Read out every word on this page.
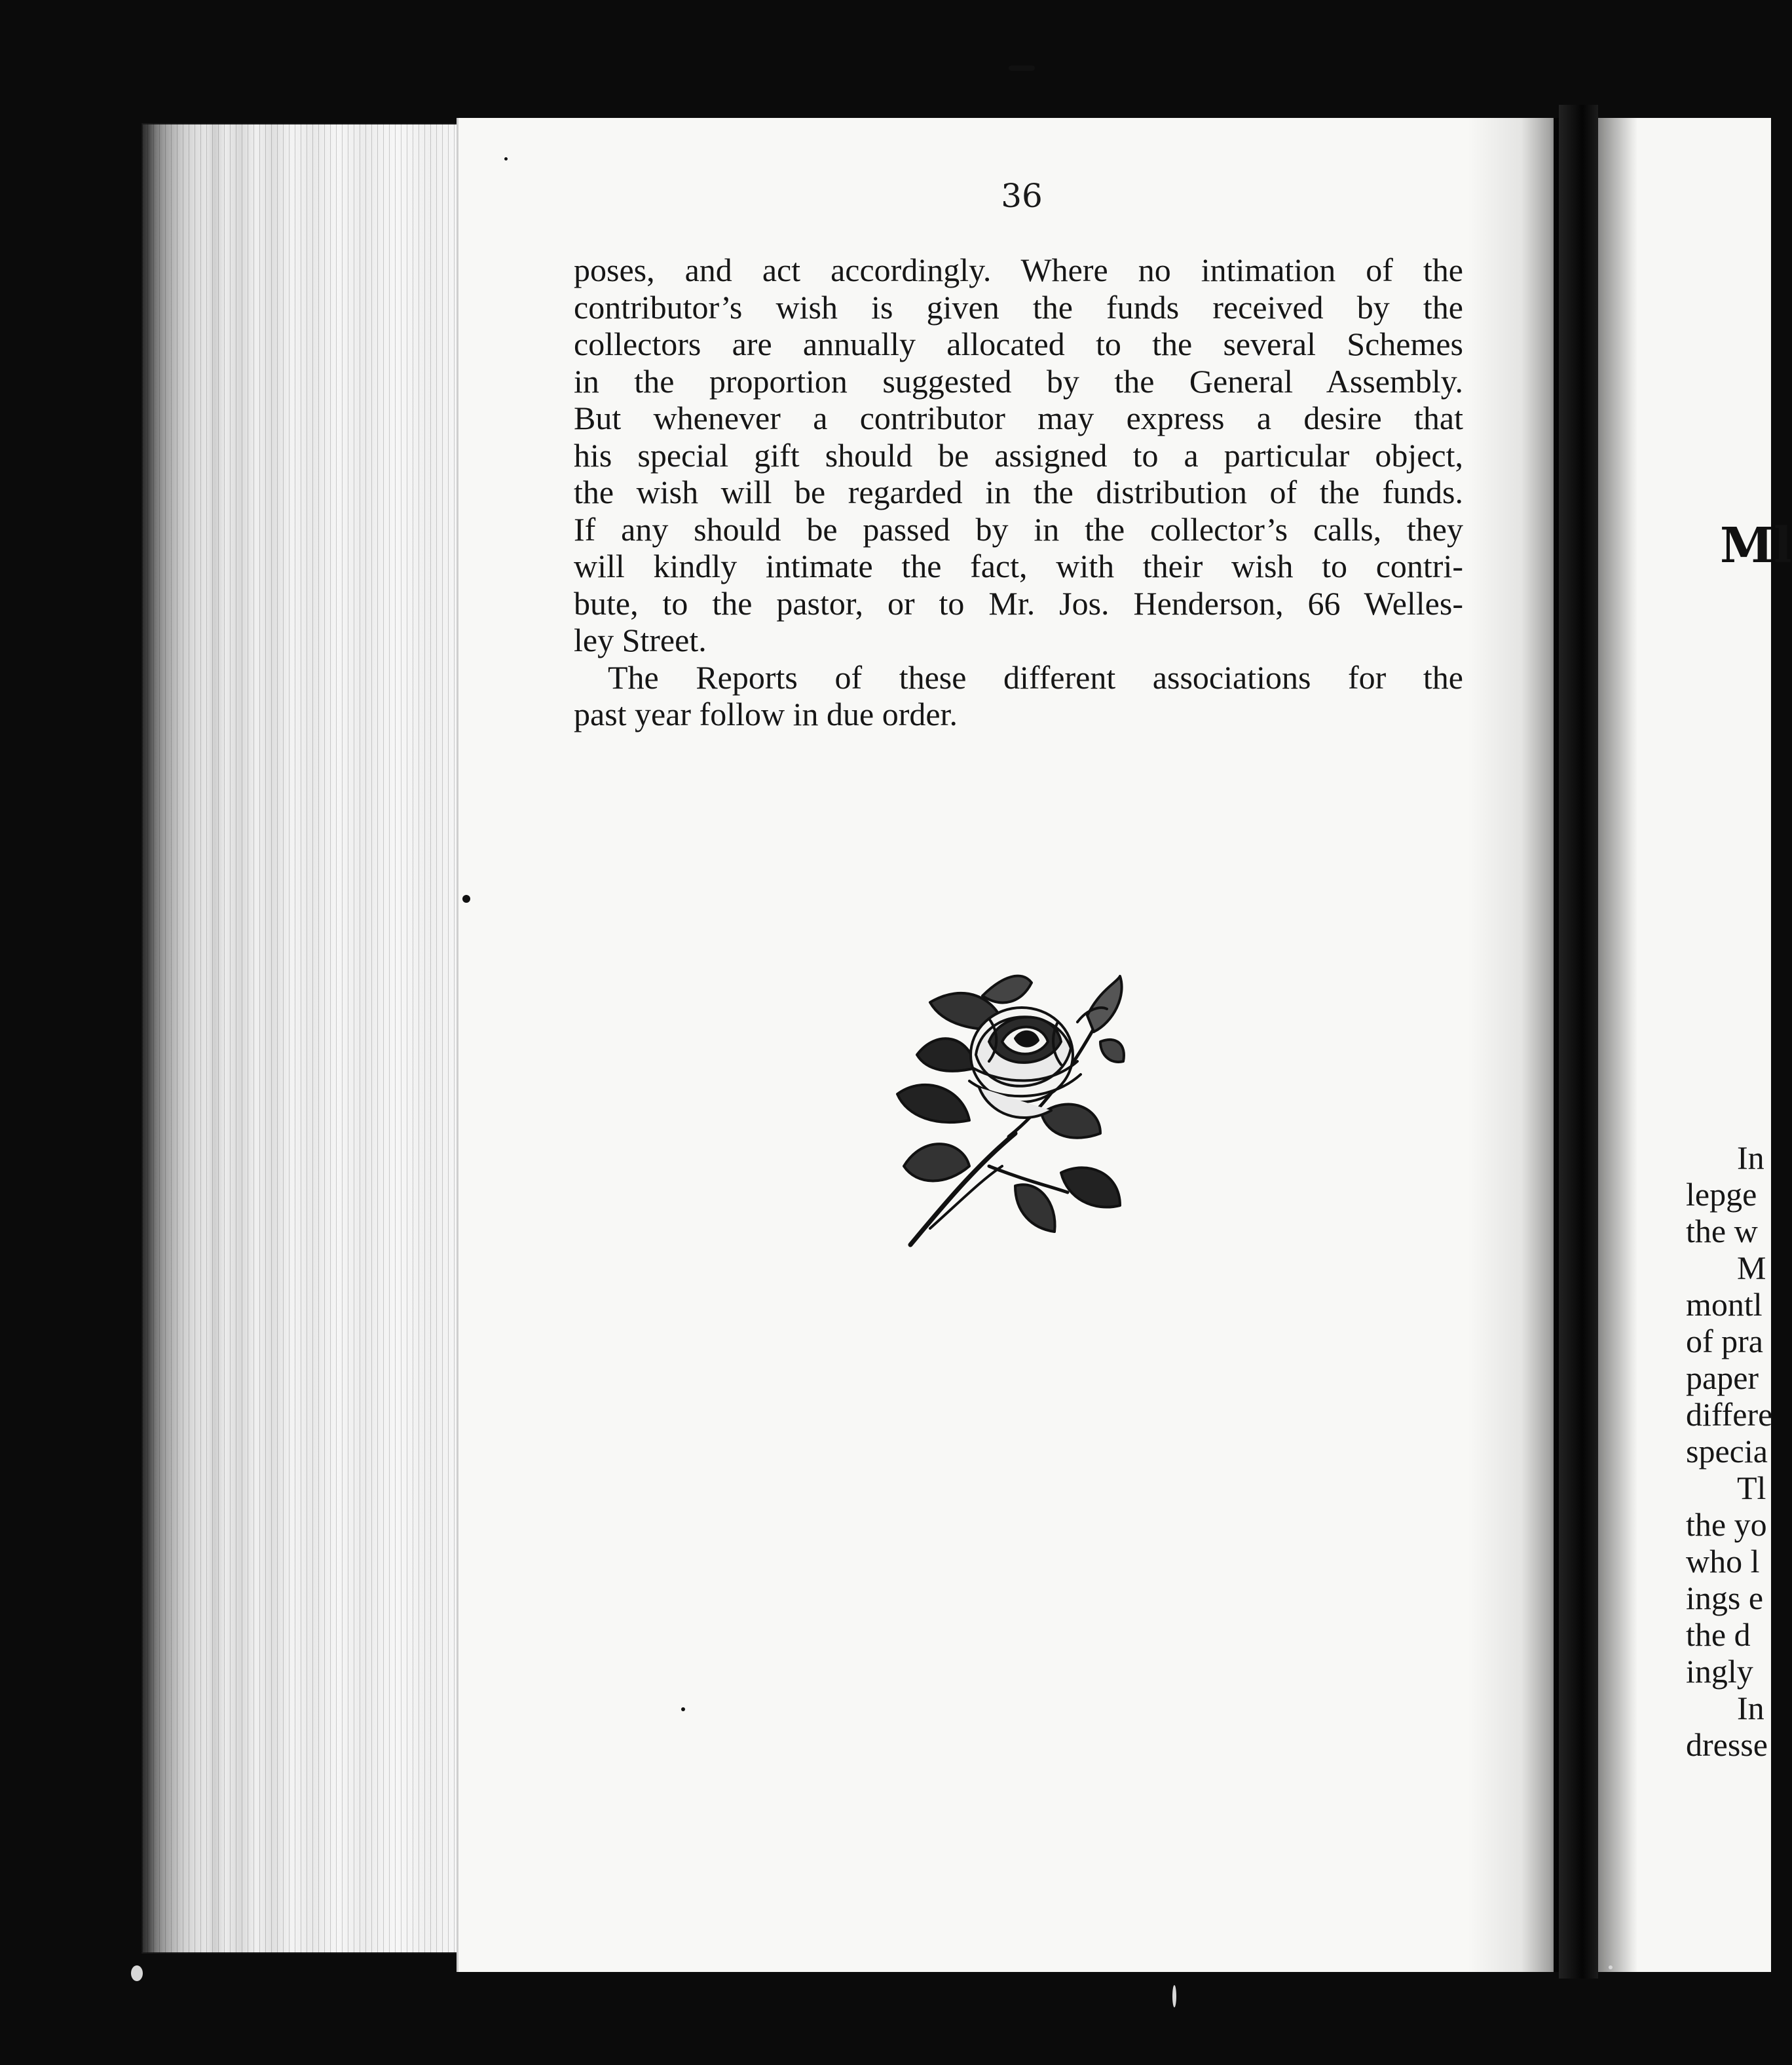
36
poses, and act accordingly. Where no intimation of the
contributor’s wish is given the funds received by the
collectors are annually allocated to the several Schemes
in the proportion suggested by the General Assembly.
But whenever a contributor may express a desire that
his special gift should be assigned to a particular object,
the wish will be regarded in the distribution of the funds.
If any should be passed by in the collector’s calls, they
will kindly intimate the fact, with their wish to contri-
bute, to the pastor, or to Mr. Jos. Henderson, 66 Welles-
ley Street.
The Reports of these different associations for the
past year follow in due order.
Ml
In
lepge
the w
M
montl
of pra
paper
differe
specia
Tl
the yo
who l
ings e
the d
ingly
In
dresse
